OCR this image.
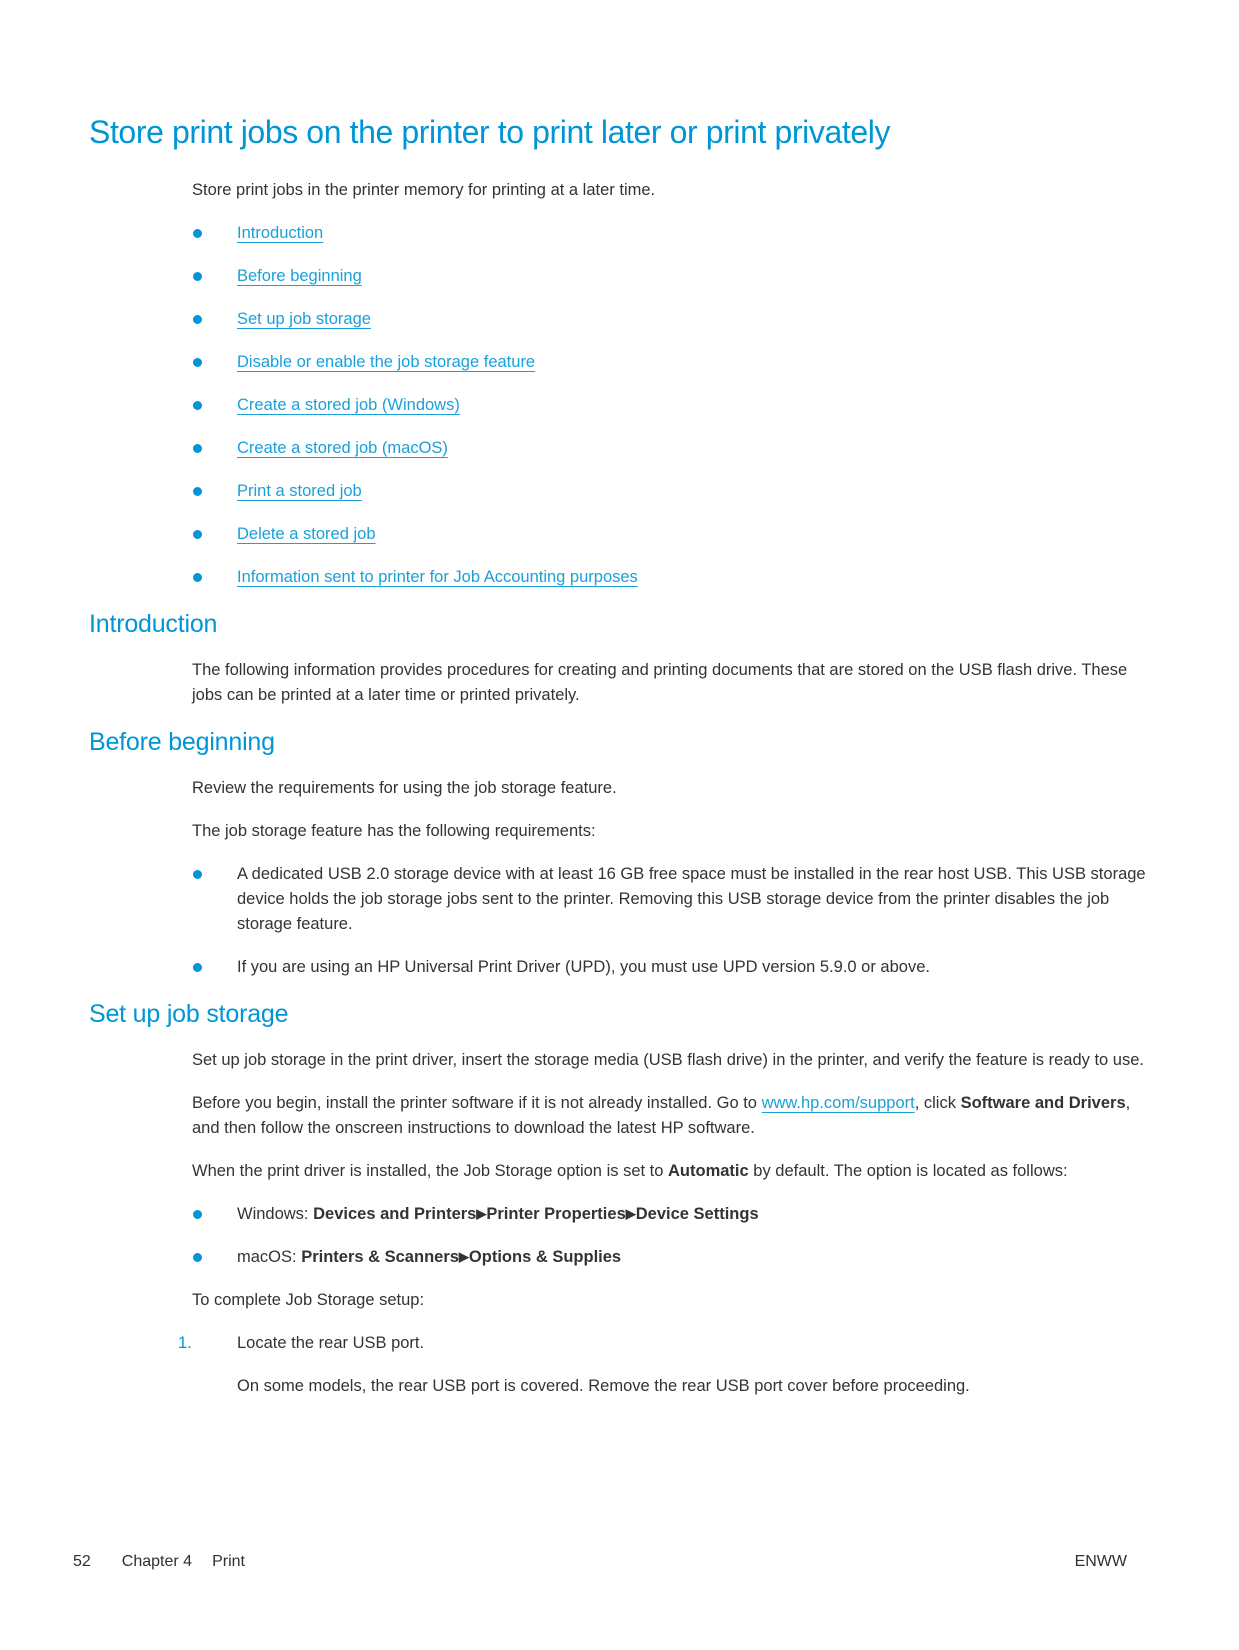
Store print jobs on the printer to print later or print privately

Store print jobs in the printer memory for printing at a later time.

Introduction
Before beginning
Set up job storage
Disable or enable the job storage feature
Create a stored job (Windows)
Create a stored job (macOS)
Print a stored job
Delete a stored job
Information sent to printer for Job Accounting purposes
Introduction

The following information provides procedures for creating and printing documents that are stored on the USB flash drive. These jobs can be printed at a later time or printed privately.

Before beginning

Review the requirements for using the job storage feature.

The job storage feature has the following requirements:

A dedicated USB 2.0 storage device with at least 16 GB free space must be installed in the rear host USB. This USB storage device holds the job storage jobs sent to the printer. Removing this USB storage device from the printer disables the job storage feature.
If you are using an HP Universal Print Driver (UPD), you must use UPD version 5.9.0 or above.
Set up job storage

Set up job storage in the print driver, insert the storage media (USB flash drive) in the printer, and verify the feature is ready to use.

Before you begin, install the printer software if it is not already installed. Go to www.hp.com/support, click Software and Drivers, and then follow the onscreen instructions to download the latest HP software.

When the print driver is installed, the Job Storage option is set to Automatic by default. The option is located as follows:

Windows: Devices and Printers▶Printer Properties▶Device Settings
macOS: Printers & Scanners▶Options & Supplies

To complete Job Storage setup:

1.	Locate the rear USB port.

On some models, the rear USB port is covered. Remove the rear USB port cover before proceeding.

52 Chapter 4 Print	ENWW
